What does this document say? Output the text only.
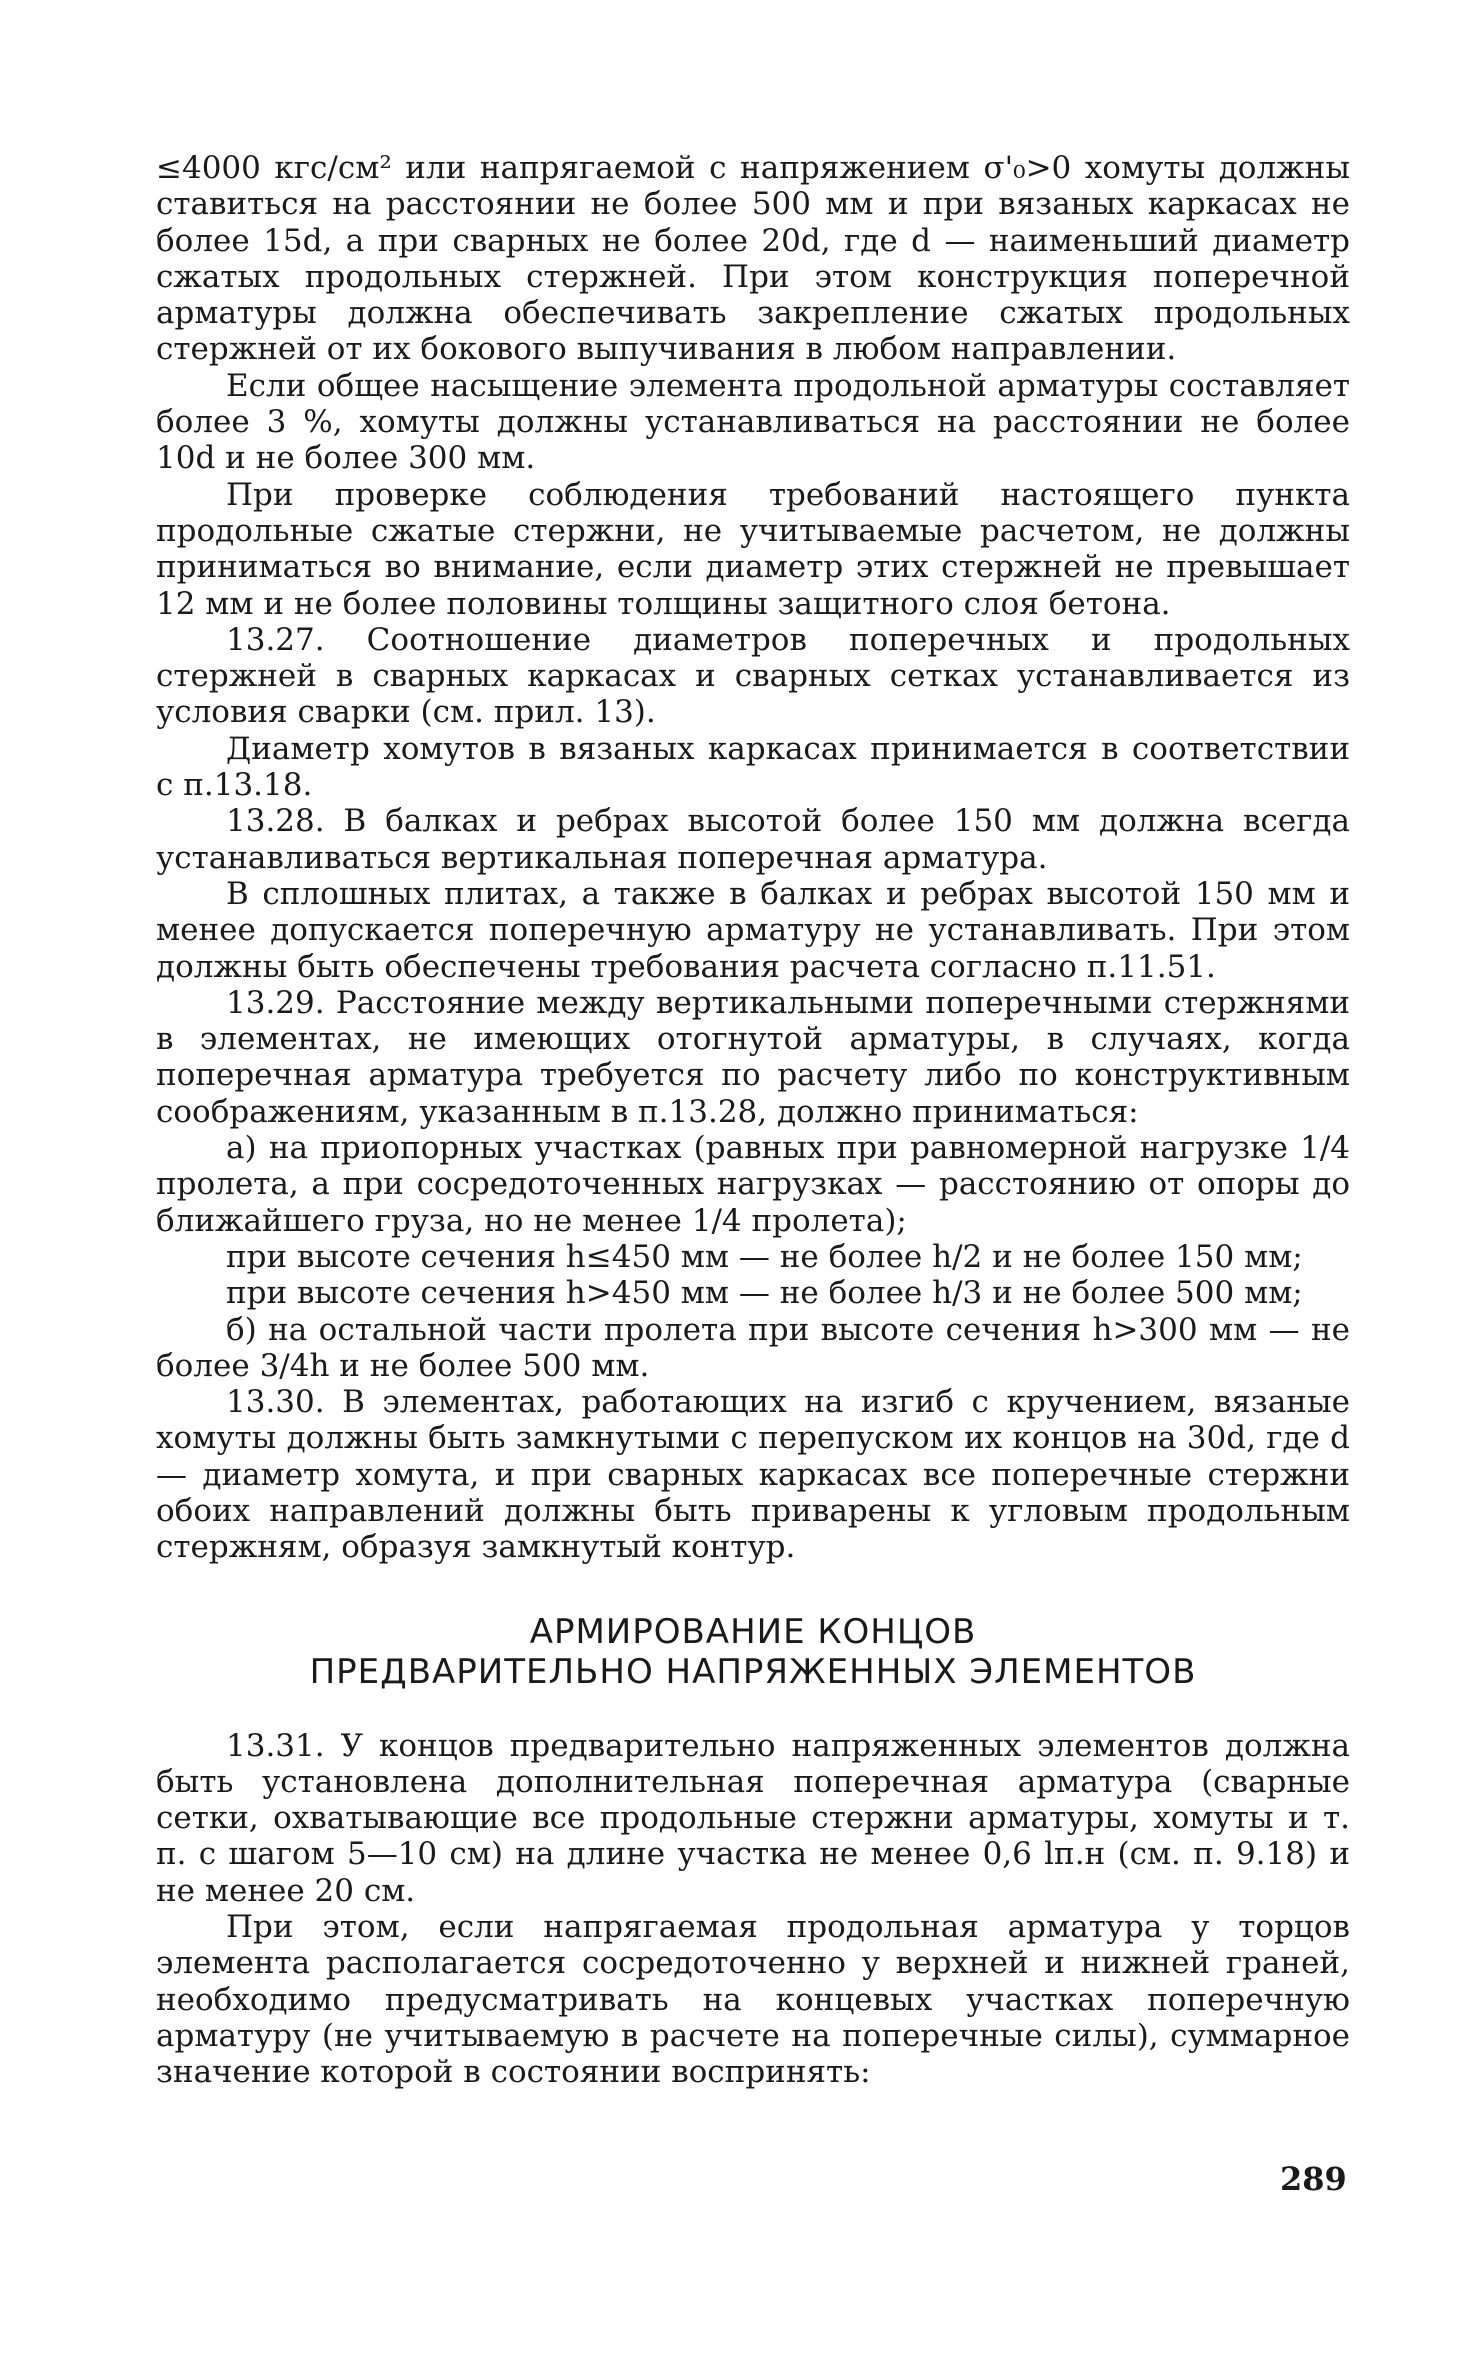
≤4000 кгс/см² или напрягаемой с напряжением σ'₀>0 хомуты должны ставиться на расстоянии не более 500 мм и при вязаных каркасах не более 15d, а при сварных не более 20d, где d — наименьший диаметр сжатых продольных стержней. При этом конструкция поперечной арматуры должна обеспечивать закрепление сжатых продольных стержней от их бокового выпучивания в любом направлении.

Если общее насыщение элемента продольной арматуры составляет более 3 %, хомуты должны устанавливаться на расстоянии не более 10d и не более 300 мм.

При проверке соблюдения требований настоящего пункта продольные сжатые стержни, не учитываемые расчетом, не должны приниматься во внимание, если диаметр этих стержней не превышает 12 мм и не более половины толщины защитного слоя бетона.

13.27. Соотношение диаметров поперечных и продольных стержней в сварных каркасах и сварных сетках устанавливается из условия сварки (см. прил. 13).

Диаметр хомутов в вязаных каркасах принимается в соответствии с п.13.18.

13.28. В балках и ребрах высотой более 150 мм должна всегда устанавливаться вертикальная поперечная арматура.

В сплошных плитах, а также в балках и ребрах высотой 150 мм и менее допускается поперечную арматуру не устанавливать. При этом должны быть обеспечены требования расчета согласно п.11.51.

13.29. Расстояние между вертикальными поперечными стержнями в элементах, не имеющих отогнутой арматуры, в случаях, когда поперечная арматура требуется по расчету либо по конструктивным соображениям, указанным в п.13.28, должно приниматься:

а) на приопорных участках (равных при равномерной нагрузке 1/4 пролета, а при сосредоточенных нагрузках — расстоянию от опоры до ближайшего груза, но не менее 1/4 пролета);

при высоте сечения h≤450 мм — не более h/2 и не более 150 мм;

при высоте сечения h>450 мм — не более h/3 и не более 500 мм;

б) на остальной части пролета при высоте сечения h>300 мм — не более 3/4h и не более 500 мм.

13.30. В элементах, работающих на изгиб с кручением, вязаные хомуты должны быть замкнутыми с перепуском их концов на 30d, где d — диаметр хомута, и при сварных каркасах все поперечные стержни обоих направлений должны быть приварены к угловым продольным стержням, образуя замкнутый контур.

АРМИРОВАНИЕ КОНЦОВ
ПРЕДВАРИТЕЛЬНО НАПРЯЖЕННЫХ ЭЛЕМЕНТОВ

13.31. У концов предварительно напряженных элементов должна быть установлена дополнительная поперечная арматура (сварные сетки, охватывающие все продольные стержни арматуры, хомуты и т. п. с шагом 5—10 см) на длине участка не менее 0,6 lп.н (см. п. 9.18) и не менее 20 см.

При этом, если напрягаемая продольная арматура у торцов элемента располагается сосредоточенно у верхней и нижней граней, необходимо предусматривать на концевых участках поперечную арматуру (не учитываемую в расчете на поперечные силы), суммарное значение которой в состоянии воспринять:

289
